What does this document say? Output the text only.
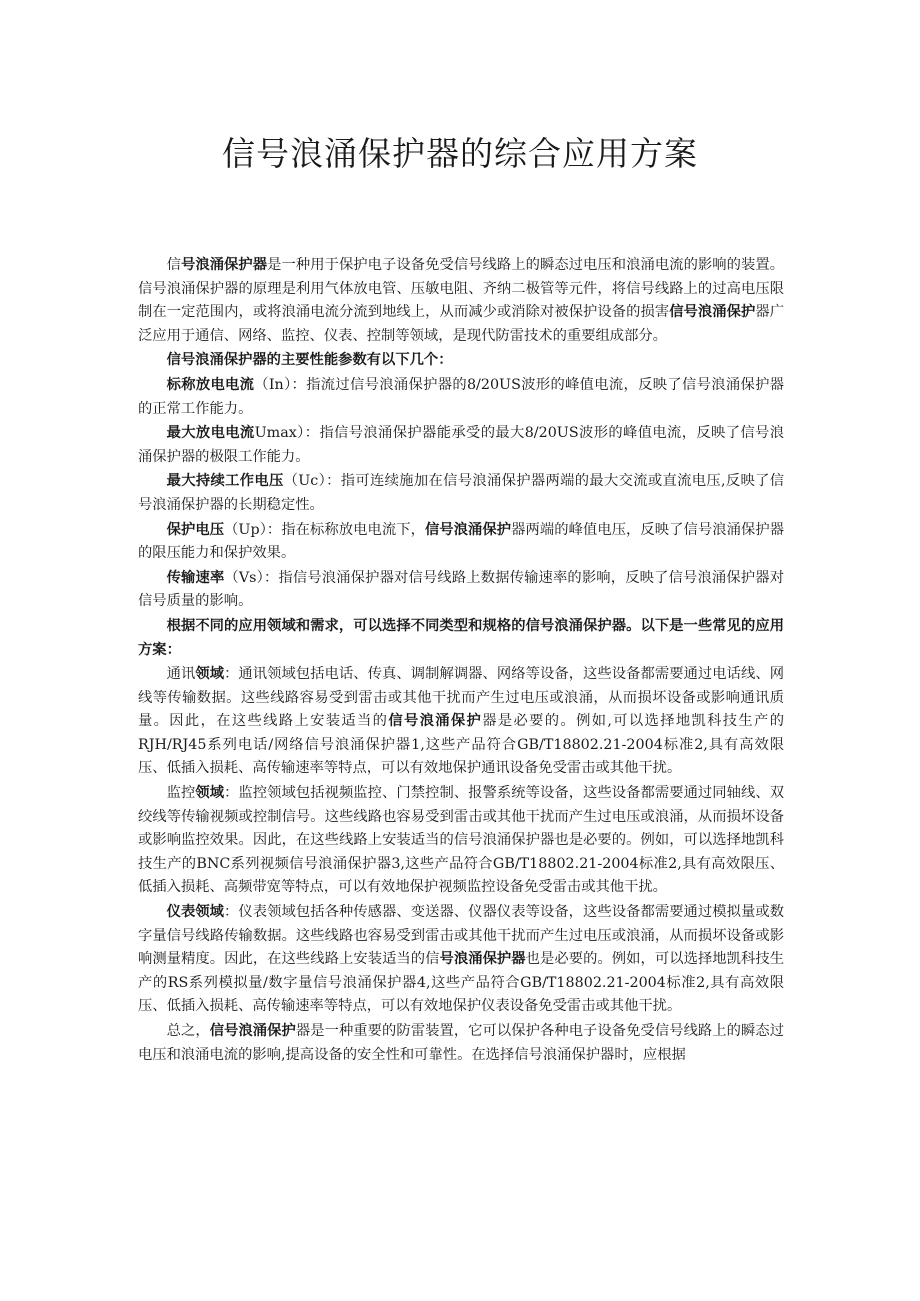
信号浪涌保护器的综合应用方案

信号浪涌保护器是一种用于保护电子设备免受信号线路上的瞬态过电压和浪涌电流的影响的装置。信号浪涌保护器的原理是利用气体放电管、压敏电阻、齐纳二极管等元件，将信号线路上的过高电压限制在一定范围内，或将浪涌电流分流到地线上，从而减少或消除对被保护设备的损害信号浪涌保护器广泛应用于通信、网络、监控、仪表、控制等领域，是现代防雷技术的重要组成部分。

信号浪涌保护器的主要性能参数有以下几个：

标称放电电流（In）：指流过信号浪涌保护器的8/20US波形的峰值电流，反映了信号浪涌保护器的正常工作能力。

最大放电电流Umax）：指信号浪涌保护器能承受的最大8/20US波形的峰值电流，反映了信号浪涌保护器的极限工作能力。

最大持续工作电压（Uc）：指可连续施加在信号浪涌保护器两端的最大交流或直流电压,反映了信号浪涌保护器的长期稳定性。

保护电压（Up）：指在标称放电电流下，信号浪涌保护器两端的峰值电压，反映了信号浪涌保护器的限压能力和保护效果。

传输速率（Vs）：指信号浪涌保护器对信号线路上数据传输速率的影响，反映了信号浪涌保护器对信号质量的影响。

根据不同的应用领域和需求，可以选择不同类型和规格的信号浪涌保护器。以下是一些常见的应用方案：

通讯领域：通讯领域包括电话、传真、调制解调器、网络等设备，这些设备都需要通过电话线、网线等传输数据。这些线路容易受到雷击或其他干扰而产生过电压或浪涌，从而损坏设备或影响通讯质量。因此，在这些线路上安装适当的信号浪涌保护器是必要的。例如,可以选择地凯科技生产的RJH/RJ45系列电话/网络信号浪涌保护器1,这些产品符合GB/T18802.21-2004标准2,具有高效限压、低插入损耗、高传输速率等特点，可以有效地保护通讯设备免受雷击或其他干扰。

监控领域：监控领域包括视频监控、门禁控制、报警系统等设备，这些设备都需要通过同轴线、双绞线等传输视频或控制信号。这些线路也容易受到雷击或其他干扰而产生过电压或浪涌，从而损坏设备或影响监控效果。因此，在这些线路上安装适当的信号浪涌保护器也是必要的。例如，可以选择地凯科技生产的BNC系列视频信号浪涌保护器3,这些产品符合GB/T18802.21-2004标准2,具有高效限压、低插入损耗、高频带宽等特点，可以有效地保护视频监控设备免受雷击或其他干扰。

仪表领域：仪表领域包括各种传感器、变送器、仪器仪表等设备，这些设备都需要通过模拟量或数字量信号线路传输数据。这些线路也容易受到雷击或其他干扰而产生过电压或浪涌，从而损坏设备或影响测量精度。因此，在这些线路上安装适当的信号浪涌保护器也是必要的。例如，可以选择地凯科技生产的RS系列模拟量/数字量信号浪涌保护器4,这些产品符合GB/T18802.21-2004标准2,具有高效限压、低插入损耗、高传输速率等特点，可以有效地保护仪表设备免受雷击或其他干扰。

总之，信号浪涌保护器是一种重要的防雷装置，它可以保护各种电子设备免受信号线路上的瞬态过电压和浪涌电流的影响,提高设备的安全性和可靠性。在选择信号浪涌保护器时，应根据
